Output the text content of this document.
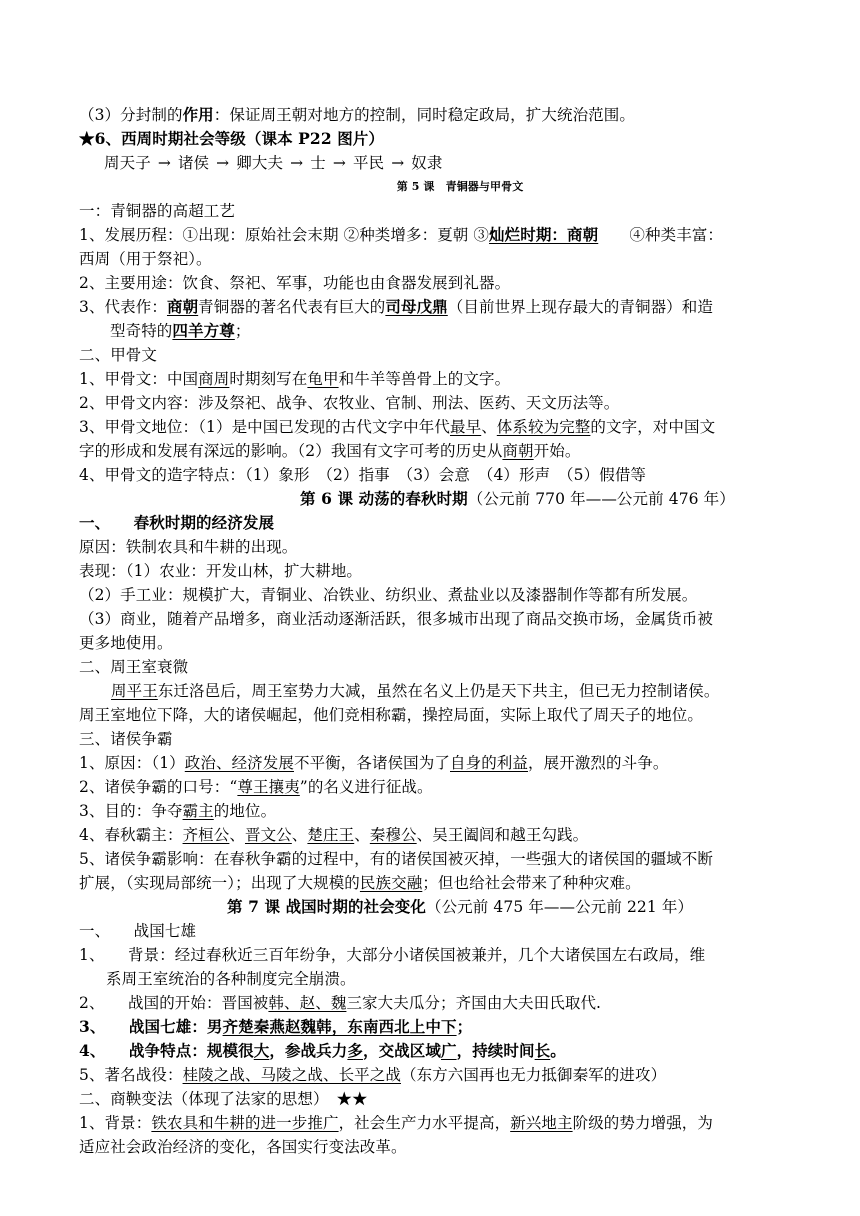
（3）分封制的作用：保证周王朝对地方的控制，同时稳定政局，扩大统治范围。
★6、西周时期社会等级（课本 P22 图片）
周天子 → 诸侯 → 卿大夫 → 士 → 平民 → 奴隶
第 5 课　青铜器与甲骨文
一：青铜器的高超工艺
1、发展历程：①出现：原始社会末期 ②种类增多：夏朝 ③灿烂时期：商朝　　④种类丰富：
西周（用于祭祀）。
2、主要用途：饮食、祭祀、军事，功能也由食器发展到礼器。
3、代表作：商朝青铜器的著名代表有巨大的司母戊鼎（目前世界上现存最大的青铜器）和造
型奇特的四羊方尊；
二、甲骨文
1、甲骨文：中国商周时期刻写在龟甲和牛羊等兽骨上的文字。
2、甲骨文内容：涉及祭祀、战争、农牧业、官制、刑法、医药、天文历法等。
3、甲骨文地位：（1）是中国已发现的古代文字中年代最早、体系较为完整的文字，对中国文
字的形成和发展有深远的影响。（2）我国有文字可考的历史从商朝开始。
4、甲骨文的造字特点：（1）象形　（2）指事　（3）会意　（4）形声　（5）假借等
第 6 课 动荡的春秋时期（公元前 770 年——公元前 476 年）
一、　　春秋时期的经济发展
原因：铁制农具和牛耕的出现。
表现：（1）农业：开发山林，扩大耕地。
（2）手工业：规模扩大，青铜业、冶铁业、纺织业、煮盐业以及漆器制作等都有所发展。
（3）商业，随着产品增多，商业活动逐渐活跃，很多城市出现了商品交换市场，金属货币被
更多地使用。
二、周王室衰微
周平王东迁洛邑后，周王室势力大减，虽然在名义上仍是天下共主，但已无力控制诸侯。
周王室地位下降，大的诸侯崛起，他们竞相称霸，操控局面，实际上取代了周天子的地位。
三、诸侯争霸
1、原因：（1）政治、经济发展不平衡，各诸侯国为了自身的利益，展开激烈的斗争。
2、诸侯争霸的口号：“尊王攘夷”的名义进行征战。
3、目的：争夺霸主的地位。
4、春秋霸主：齐桓公、晋文公、楚庄王、秦穆公、吴王阖闾和越王勾践。
5、诸侯争霸影响：在春秋争霸的过程中，有的诸侯国被灭掉，一些强大的诸侯国的疆域不断
扩展，（实现局部统一）；出现了大规模的民族交融；但也给社会带来了种种灾难。
第 7 课 战国时期的社会变化（公元前 475 年——公元前 221 年）
一、　　战国七雄
1、　　背景：经过春秋近三百年纷争，大部分小诸侯国被兼并，几个大诸侯国左右政局，维
系周王室统治的各种制度完全崩溃。
2、　　战国的开始：晋国被韩、赵、魏三家大夫瓜分；齐国由大夫田氏取代.
3、　　战国七雄：男齐楚秦燕赵魏韩，东南西北上中下；
4、　　战争特点：规模很大，参战兵力多，交战区域广，持续时间长。
5、著名战役：桂陵之战、马陵之战、长平之战（东方六国再也无力抵御秦军的进攻）
二、商鞅变法（体现了法家的思想）　★★
1、背景：铁农具和牛耕的进一步推广，社会生产力水平提高，新兴地主阶级的势力增强，为
适应社会政治经济的变化，各国实行变法改革。
